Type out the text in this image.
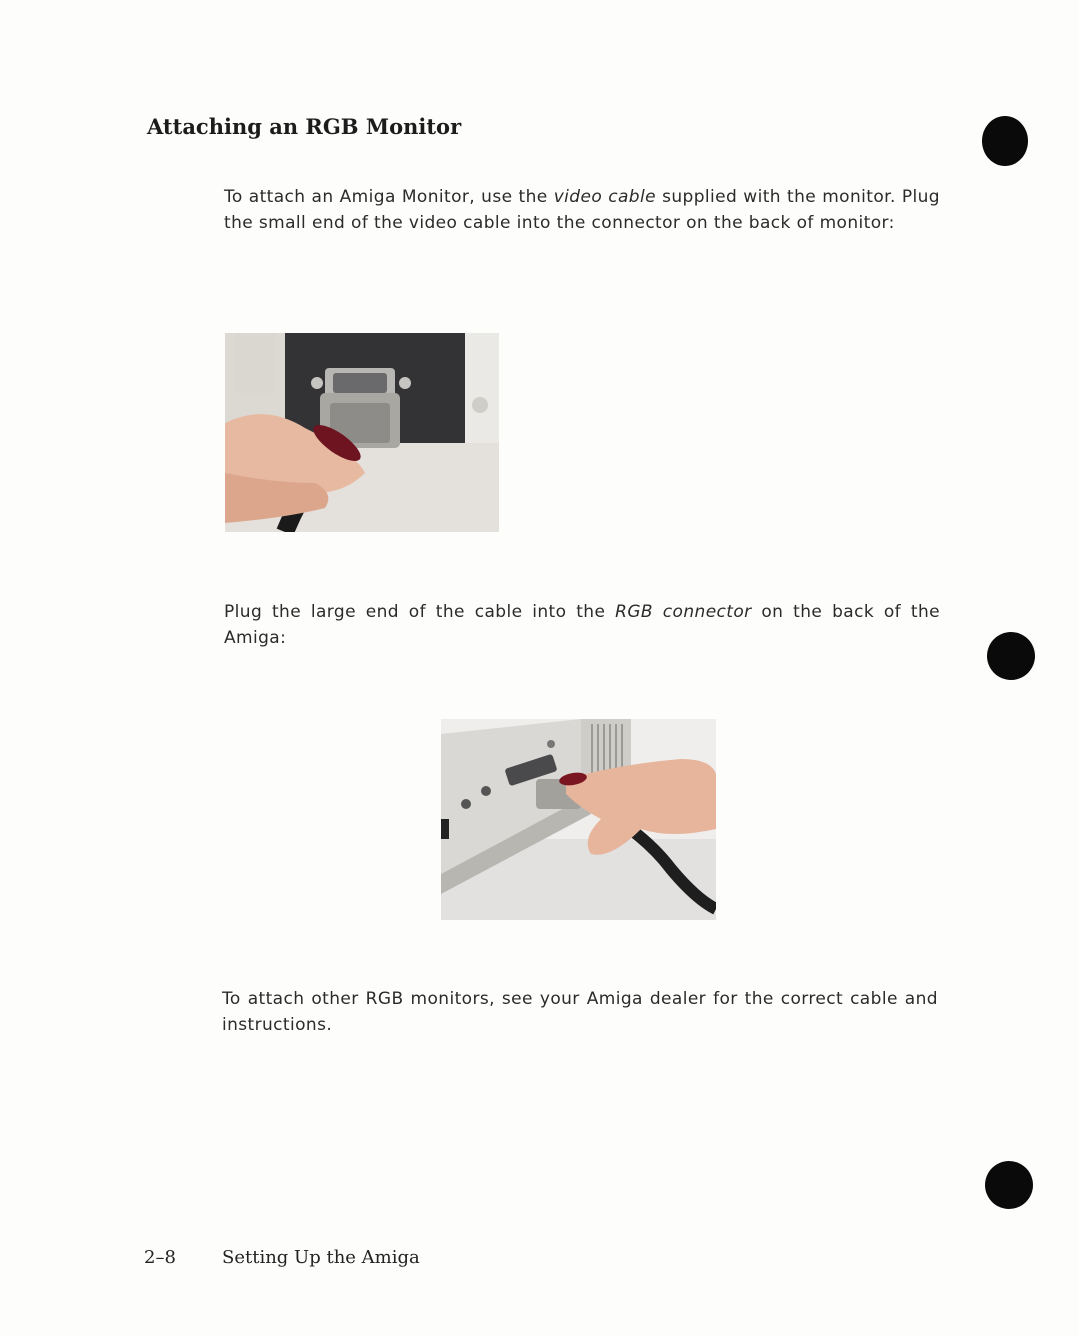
Attaching an RGB Monitor

To attach an Amiga Monitor, use the video cable supplied with the monitor. Plug the small end of the video cable into the connector on the back of monitor:

Plug the large end of the cable into the RGB connector on the back of the Amiga:

To attach other RGB monitors, see your Amiga dealer for the correct cable and instructions.

2–8	Setting Up the Amiga
